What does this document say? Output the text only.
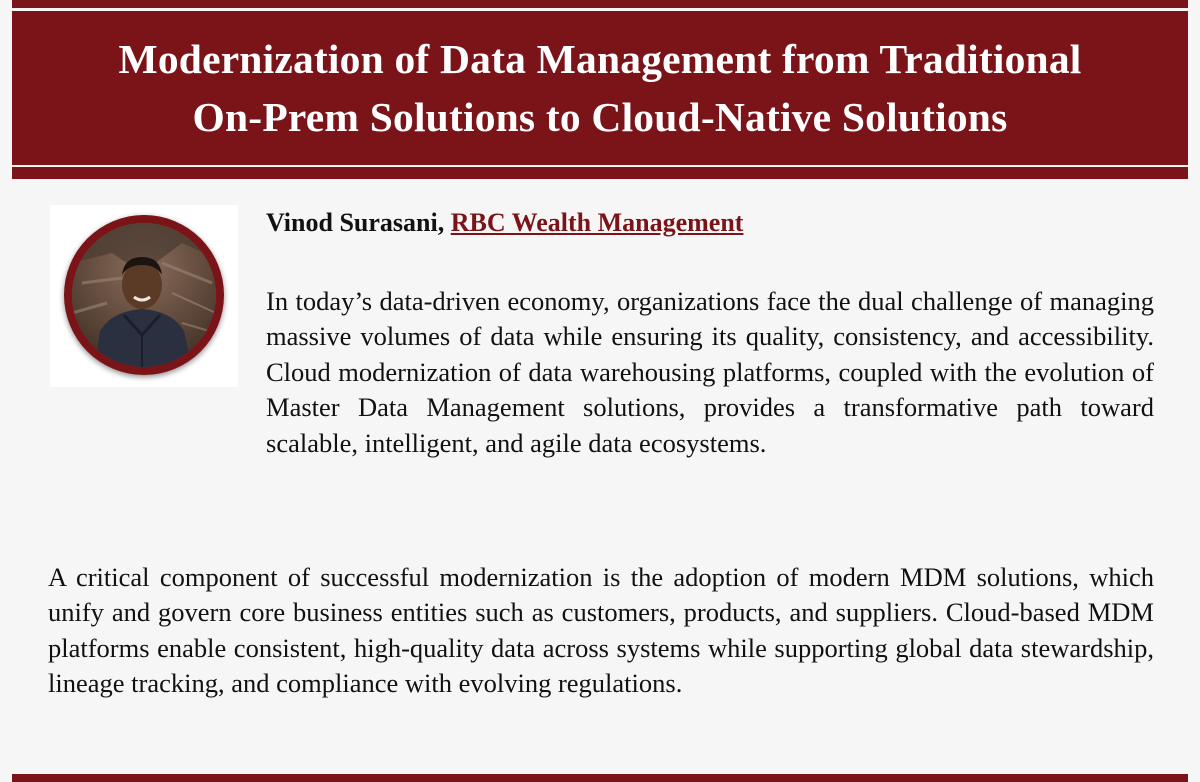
Modernization of Data Management from Traditional
On-Prem Solutions to Cloud-Native Solutions
Vinod Surasani, RBC Wealth Management

In today’s data-driven economy, organizations face the dual challenge of managing massive volumes of data while ensuring its quality, consistency, and accessibility. Cloud modernization of data warehousing platforms, coupled with the evolution of Master Data Management solutions, provides a transformative path toward scalable, intelligent, and agile data ecosystems.

A critical component of successful modernization is the adoption of modern MDM solutions, which unify and govern core business entities such as customers, products, and suppliers. Cloud-based MDM platforms enable consistent, high-quality data across systems while supporting global data stewardship, lineage tracking, and compliance with evolving regulations.
